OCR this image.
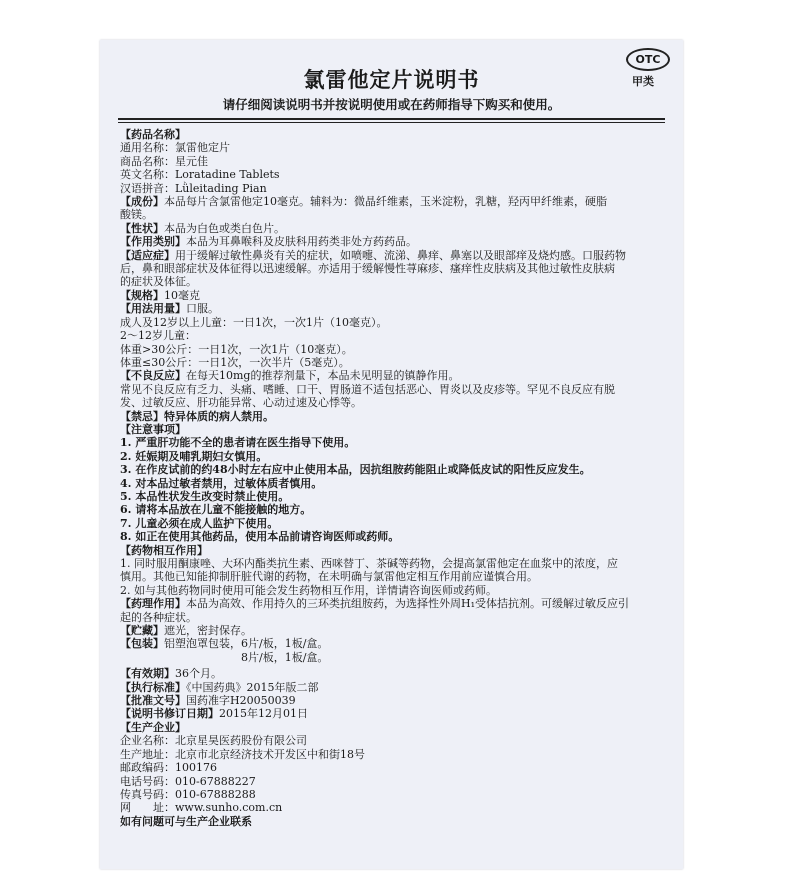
氯雷他定片说明书
OTC
甲类
请仔细阅读说明书并按说明使用或在药师指导下购买和使用。
【药品名称】
通用名称：氯雷他定片
商品名称：星元佳
英文名称：Loratadine Tablets
汉语拼音：Lǜleitading Pian
【成份】本品每片含氯雷他定10毫克。辅料为：微晶纤维素，玉米淀粉，乳糖，羟丙甲纤维素，硬脂
酸镁。
【性状】本品为白色或类白色片。
【作用类别】本品为耳鼻喉科及皮肤科用药类非处方药药品。
【适应症】用于缓解过敏性鼻炎有关的症状，如喷嚏、流涕、鼻痒、鼻塞以及眼部痒及烧灼感。口服药物
后，鼻和眼部症状及体征得以迅速缓解。亦适用于缓解慢性荨麻疹、瘙痒性皮肤病及其他过敏性皮肤病
的症状及体征。
【规格】10毫克
【用法用量】口服。
成人及12岁以上儿童：一日1次，一次1片（10毫克）。
2～12岁儿童：
体重>30公斤：一日1次，一次1片（10毫克）。
体重≤30公斤：一日1次，一次半片（5毫克）。
【不良反应】在每天10mg的推荐剂量下，本品未见明显的镇静作用。
常见不良反应有乏力、头痛、嗜睡、口干、胃肠道不适包括恶心、胃炎以及皮疹等。罕见不良反应有脱
发、过敏反应、肝功能异常、心动过速及心悸等。
【禁忌】特异体质的病人禁用。
【注意事项】
1. 严重肝功能不全的患者请在医生指导下使用。
2. 妊娠期及哺乳期妇女慎用。
3. 在作皮试前的约48小时左右应中止使用本品，因抗组胺药能阻止或降低皮试的阳性反应发生。
4. 对本品过敏者禁用，过敏体质者慎用。
5. 本品性状发生改变时禁止使用。
6. 请将本品放在儿童不能接触的地方。
7. 儿童必须在成人监护下使用。
8. 如正在使用其他药品，使用本品前请咨询医师或药师。
【药物相互作用】
1. 同时服用酮康唑、大环内酯类抗生素、西咪替丁、茶碱等药物，会提高氯雷他定在血浆中的浓度，应
慎用。其他已知能抑制肝脏代谢的药物，在未明确与氯雷他定相互作用前应谨慎合用。
2. 如与其他药物同时使用可能会发生药物相互作用，详情请咨询医师或药师。
【药理作用】本品为高效、作用持久的三环类抗组胺药，为选择性外周H₁受体拮抗剂。可缓解过敏反应引
起的各种症状。
【贮藏】遮光，密封保存。
【包装】铝塑泡罩包装，6片/板，1板/盒。
8片/板，1板/盒。
【有效期】36个月。
【执行标准】《中国药典》2015年版二部
【批准文号】国药准字H20050039
【说明书修订日期】2015年12月01日
【生产企业】
企业名称：北京星昊医药股份有限公司
生产地址：北京市北京经济技术开发区中和街18号
邮政编码：100176
电话号码：010-67888227
传真号码：010-67888288
网　　址：www.sunho.com.cn
如有问题可与生产企业联系
